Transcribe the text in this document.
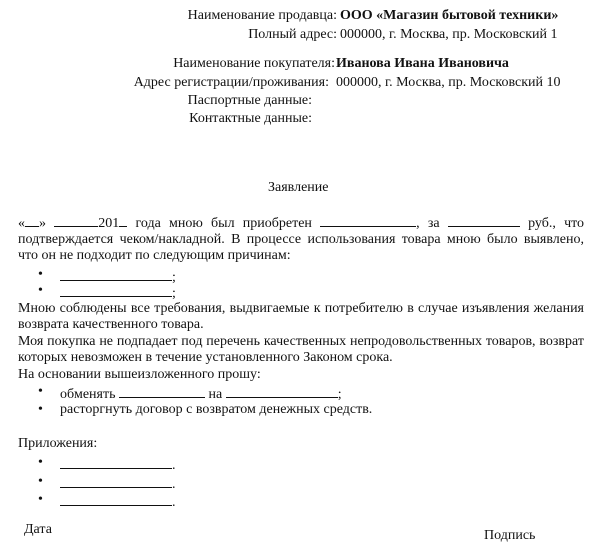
Наименование продавца: ООО «Магазин бытовой техники»
Полный адрес: 000000, г. Москва, пр. Московский 1
Наименование покупателя: Иванова Ивана Ивановича
Адрес регистрации/проживания: 000000, г. Москва, пр. Московский 10
Паспортные данные:
Контактные данные:
Заявление
« »	201 года мною был приобретен	, за	руб., что
подтверждается чеком/накладной. В процессе использования товара мною было выявлено,
что он не подходит по следующим причинам:
•	;
•	;
Мною соблюдены все требования, выдвигаемые к потребителю в случае изъявления желания возврата качественного товара.
Моя покупка не подпадает под перечень качественных непродовольственных товаров, возврат которых невозможен в течение установленного Законом срока.
На основании вышеизложенного прошу:
• обменять	на	;
• расторгнуть договор с возвратом денежных средств.
Приложения:
•	.
•	.
•	.
Дата	Подпись
